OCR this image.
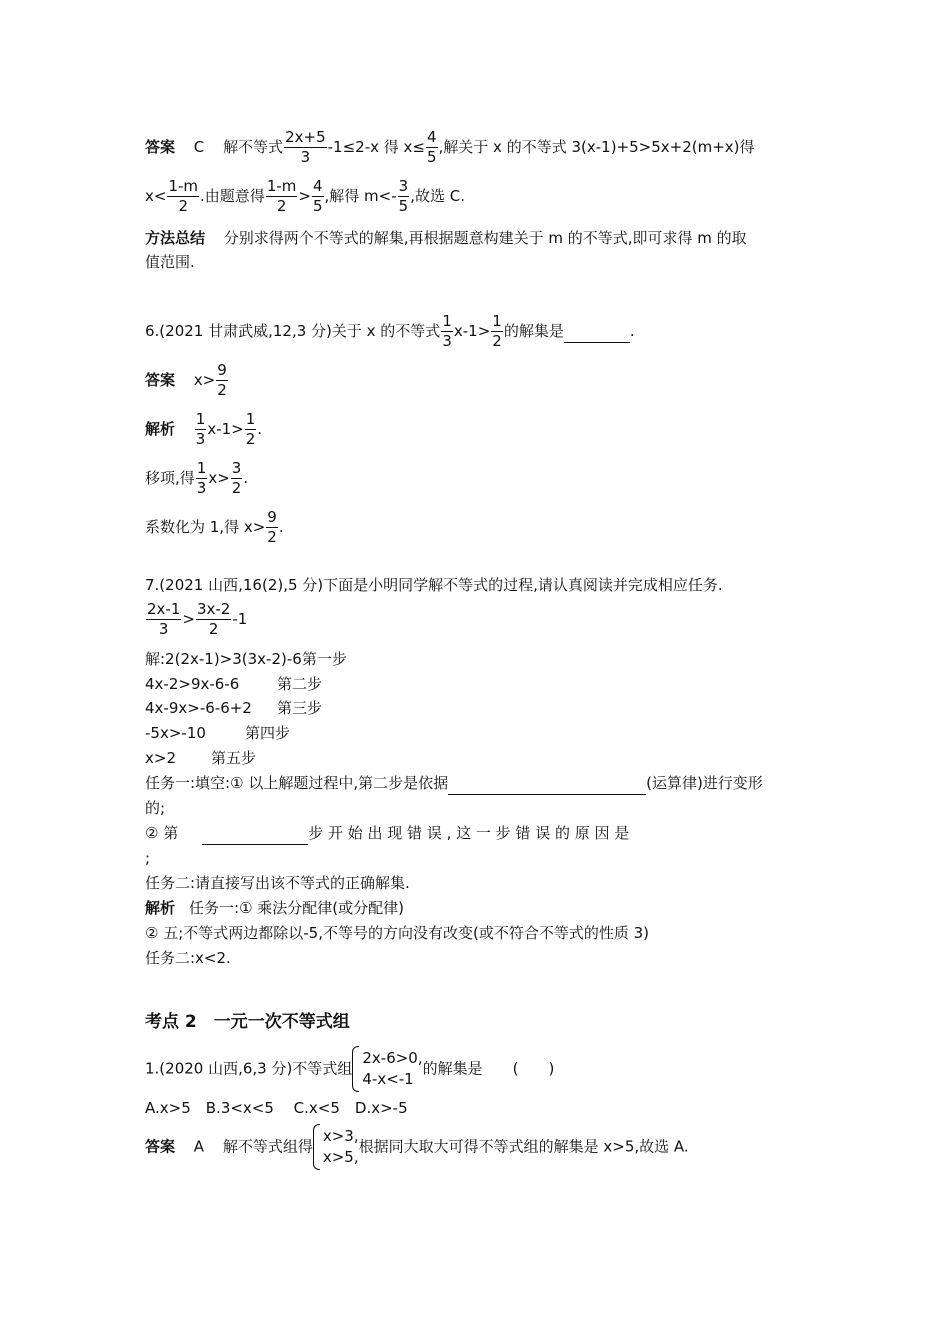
答案 C 解不等式 $\frac{2x+5}{3} -1\le 2-x$ 得 $x\le \frac{4}{5}$ ,解关于 x 的不等式 3(x-1)+5>5x+2(m+x)得
$x< \frac{1-m}{2}$ .由题意得 $\frac{1-m}{2} > \frac{4}{5}$ ,解得 $m<- \frac{3}{5}$ ,故选 C.
方法总结 分别求得两个不等式的解集,再根据题意构建关于 m 的不等式,即可求得 m 的取
值范围.
6.(2021 甘肃武威,12,3 分)关于 x 的不等式 $\frac{1}{3} x-1> \frac{1}{2}$ 的解集是	.
答案 $x> \frac{9}{2}$
解析 $\frac{1}{3} x-1> \frac{1}{2}$ .
移项,得 $\frac{1}{3} x> \frac{3}{2}$ .
系数化为 1,得 $x> \frac{9}{2}$ .
7.(2021 山西,16(2),5 分)下面是小明同学解不等式的过程,请认真阅读并完成相应任务.
$\frac{2x-1}{3} > \frac{3x-2}{2} -1$
解:2(2x-1)>3(3x-2)-6第一步
4x-2>9x-6-6	第二步
4x-9x>-6-6+2 第三步
-5x>-10	第四步
x>2 第五步
任务一:填空:① 以上解题过程中,第二步是依据	(运算律)进行变形
的;
② 第	步 开 始 出 现 错 误 , 这 一 步 错 误 的 原 因 是
;
任务二:请直接写出该不等式的正确解集.
解析 任务一:① 乘法分配律(或分配律)
② 五;不等式两边都除以-5,不等号的方向没有改变(或不符合不等式的性质 3)
任务二:x<2.
考点 2　一元一次不等式组
1.(2020 山西,6,3 分)不等式组
2x-6>0,
4-x<-1
的解集是 (　　)
A.x>5　B.3<x<5　 C.x<5　D.x>-5
答案 A 解不等式组得
x>3,
x>5,
根据同大取大可得不等式组的解集是 x>5,故选 A.
